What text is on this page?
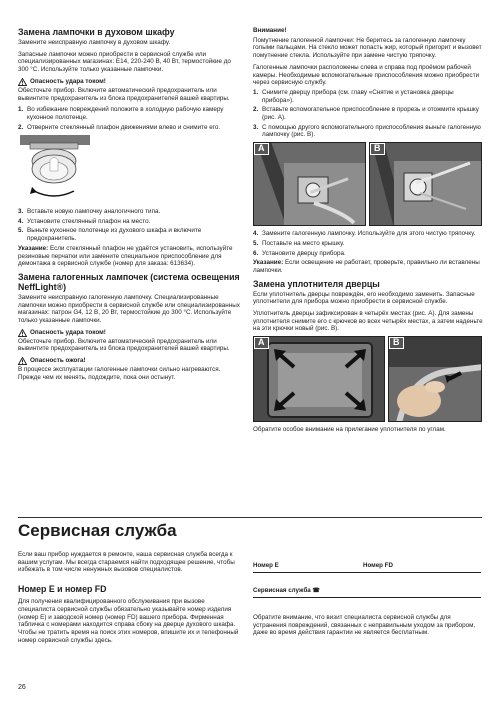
Замена лампочки в духовом шкафу

Замените неисправную лампочку в духовом шкафу.

Запасные лампочки можно приобрести в сервисной службе или специализированных магазинах: E14, 220-240 В, 40 Вт, термостойкие до 300 °С. Используйте только указанные лампочки.

Опасность удара током!

Обесточьте прибор. Включите автоматический предохранитель или вывинтите предохранитель из блока предохранителей вашей квартиры.

1. Во избежание повреждений положите в холодную рабочую камеру кухонное полотенце.
2. Отверните стеклянный плафон движениями влево и снимите его.
3. Вставьте новую лампочку аналогичного типа.
4. Установите стеклянный плафон на место.
5. Выньте кухонное полотенце из духового шкафа и включите предохранитель.

Указание: Если стеклянный плафон не удаётся установить, используйте резиновые перчатки или замените специальное приспособление для демонтажа в сервисной службе (номер для заказа: 613634).

Замена галогенных лампочек (система освещения NeffLight®)

Замените неисправную галогенную лампочку. Специализированные лампочки можно приобрести в сервисной службе или специализированных магазинах: патрон G4, 12 В, 20 Вт, термостойкие до 300 °С. Используйте только указанные лампочки.

Опасность удара током!

Обесточьте прибор. Включите автоматический предохранитель или вывинтите предохранитель из блока предохранителей вашей квартиры.

Опасность ожога!

В процессе эксплуатации галогенные лампочки сильно нагреваются. Прежде чем их менять, подождите, пока они остынут.

Внимание!

Помутнение галогенной лампочки: Не беритесь за галогенную лампочку голыми пальцами. На стекло может попасть жир, который пригорит и вызовет помутнение стекла. Используйте при замене чистую тряпочку.

Галогенные лампочки расположены слева и справа под проёмом рабочей камеры. Необходимые вспомогательные приспособления можно приобрести через сервисную службу.

1. Снимите дверцу прибора (см. главу «Снятие и установка дверцы прибора»).
2. Вставьте вспомогательное приспособление в прорезь и отожмите крышку (рис. А).
3. С помощью другого вспомогательного приспособления выньте галогенную лампочку (рис. B).
A	B
4. Замените галогенную лампочку. Используйте для этого чистую тряпочку.
5. Поставьте на место крышку.
6. Установите дверцу прибора.

Указание: Если освещение не работает, проверьте, правильно ли вставлены лампочки.

Замена уплотнителя дверцы

Если уплотнитель дверцы повреждён, его необходимо заменить. Запасные уплотнители для прибора можно приобрести в сервисной службе.

Уплотнитель дверцы зафиксирован в четырёх местах (рис. А). Для замены уплотнителя снимите его с крючков во всех четырёх местах, а затем наденьте на эти крючки новый (рис. B).

A	B

Обратите особое внимание на прилегание уплотнителя по углам.

Сервисная служба

Если ваш прибор нуждается в ремонте, наша сервисная служба всегда к вашим услугам. Мы всегда стараемся найти подходящее решение, чтобы избежать в том числе ненужных вызовов специалистов.

Номер E и номер FD

Для получения квалифицированного обслуживания при вызове специалиста сервисной службы обязательно указывайте номер изделия (номер E) и заводской номер (номер FD) вашего прибора. Фирменная табличка с номерами находится справа сбоку на дверце духового шкафа. Чтобы не тратить время на поиск этих номеров, впишите их и телефонный номер сервисной службы здесь.

Номер E	Номер FD
Сервисная служба ☎

Обратите внимание, что визит специалиста сервисной службы для устранения повреждений, связанных с неправильным уходом за прибором, даже во время действия гарантии не является бесплатным.

26
